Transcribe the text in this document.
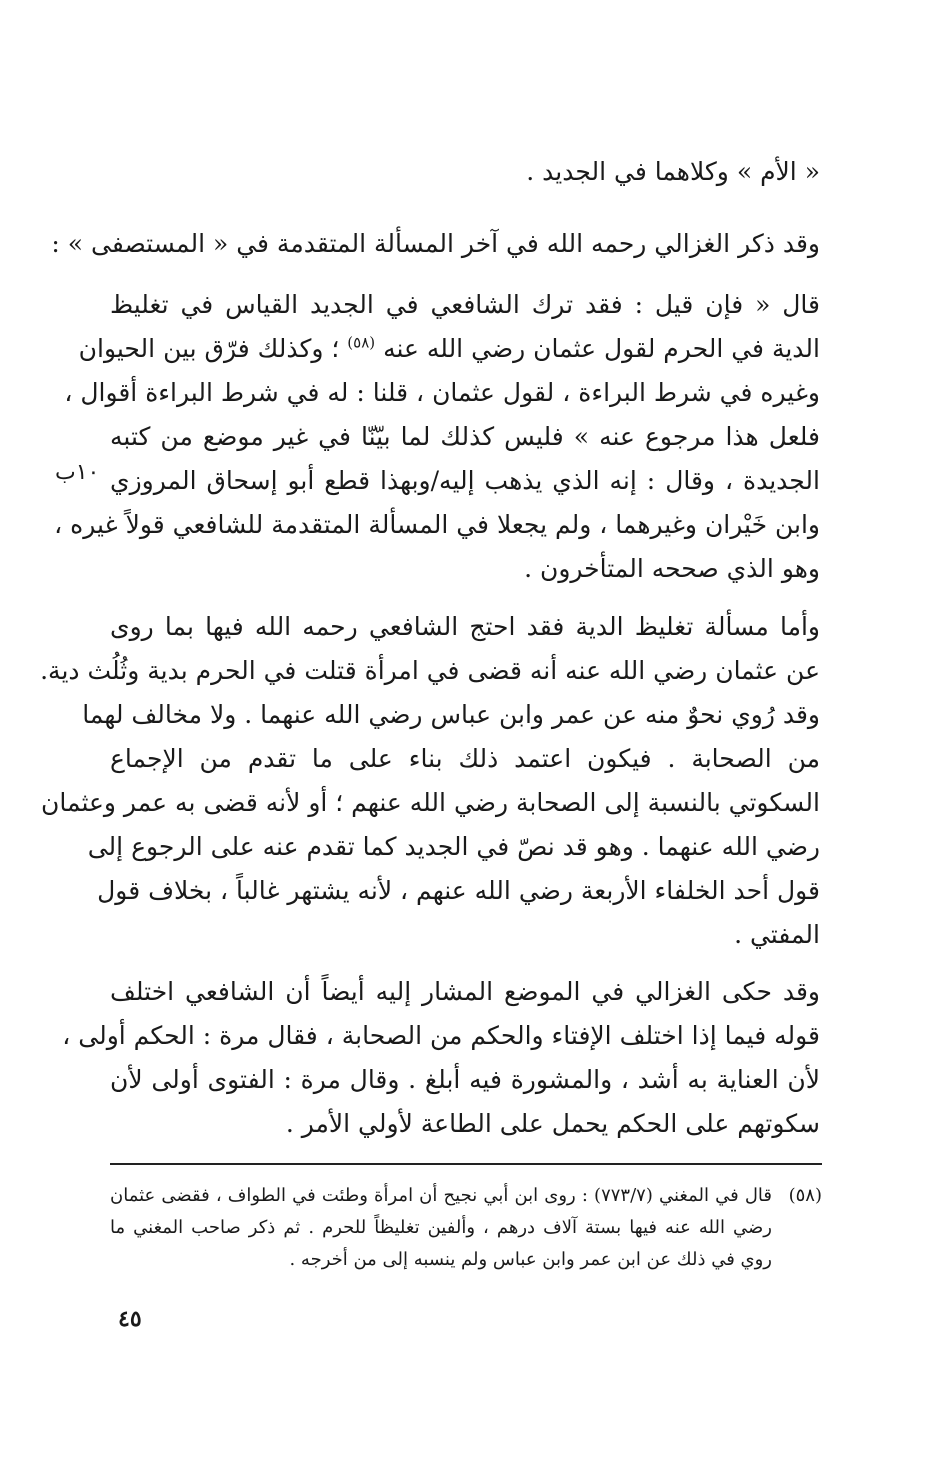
« الأم » وكلاهما في الجديد .
وقد ذكر الغزالي رحمه الله في آخر المسألة المتقدمة في « المستصفى » :
قال « فإن قيل : فقد ترك الشافعي في الجديد القياس في تغليظ
الدية في الحرم لقول عثمان رضي الله عنه $^{(٥٨)}$ ؛ وكذلك فرّق بين الحيوان
وغيره في شرط البراءة ، لقول عثمان ، قلنا : له في شرط البراءة أقوال ،
فلعل هذا مرجوع عنه » فليس كذلك لما بيّنّا في غير موضع من كتبه
الجديدة ، وقال : إنه الذي يذهب إليه/وبهذا قطع أبو إسحاق المروزي
وابن خَيْران وغيرهما ، ولم يجعلا في المسألة المتقدمة للشافعي قولاً غيره ،
وهو الذي صححه المتأخرون .
١٠ب
وأما مسألة تغليظ الدية فقد احتج الشافعي رحمه الله فيها بما روى
عن عثمان رضي الله عنه أنه قضى في امرأة قتلت في الحرم بدية وثُلُث دية.
وقد رُوي نحوٌ منه عن عمر وابن عباس رضي الله عنهما . ولا مخالف لهما
من الصحابة . فيكون اعتمد ذلك بناء على ما تقدم من الإجماع
السكوتي بالنسبة إلى الصحابة رضي الله عنهم ؛ أو لأنه قضى به عمر وعثمان
رضي الله عنهما . وهو قد نصّ في الجديد كما تقدم عنه على الرجوع إلى
قول أحد الخلفاء الأربعة رضي الله عنهم ، لأنه يشتهر غالباً ، بخلاف قول
المفتي .
وقد حكى الغزالي في الموضع المشار إليه أيضاً أن الشافعي اختلف
قوله فيما إذا اختلف الإفتاء والحكم من الصحابة ، فقال مرة : الحكم أولى ،
لأن العناية به أشد ، والمشورة فيه أبلغ . وقال مرة : الفتوى أولى لأن
سكوتهم على الحكم يحمل على الطاعة لأولي الأمر .
(٥٨)
قال في المغني (٧٧٣/٧) : روى ابن أبي نجيح أن امرأة وطئت في الطواف ، فقضى عثمان
رضي الله عنه فيها بستة آلاف درهم ، وألفين تغليظاً للحرم . ثم ذكر صاحب المغني ما
روي في ذلك عن ابن عمر وابن عباس ولم ينسبه إلى من أخرجه .
٤٥
